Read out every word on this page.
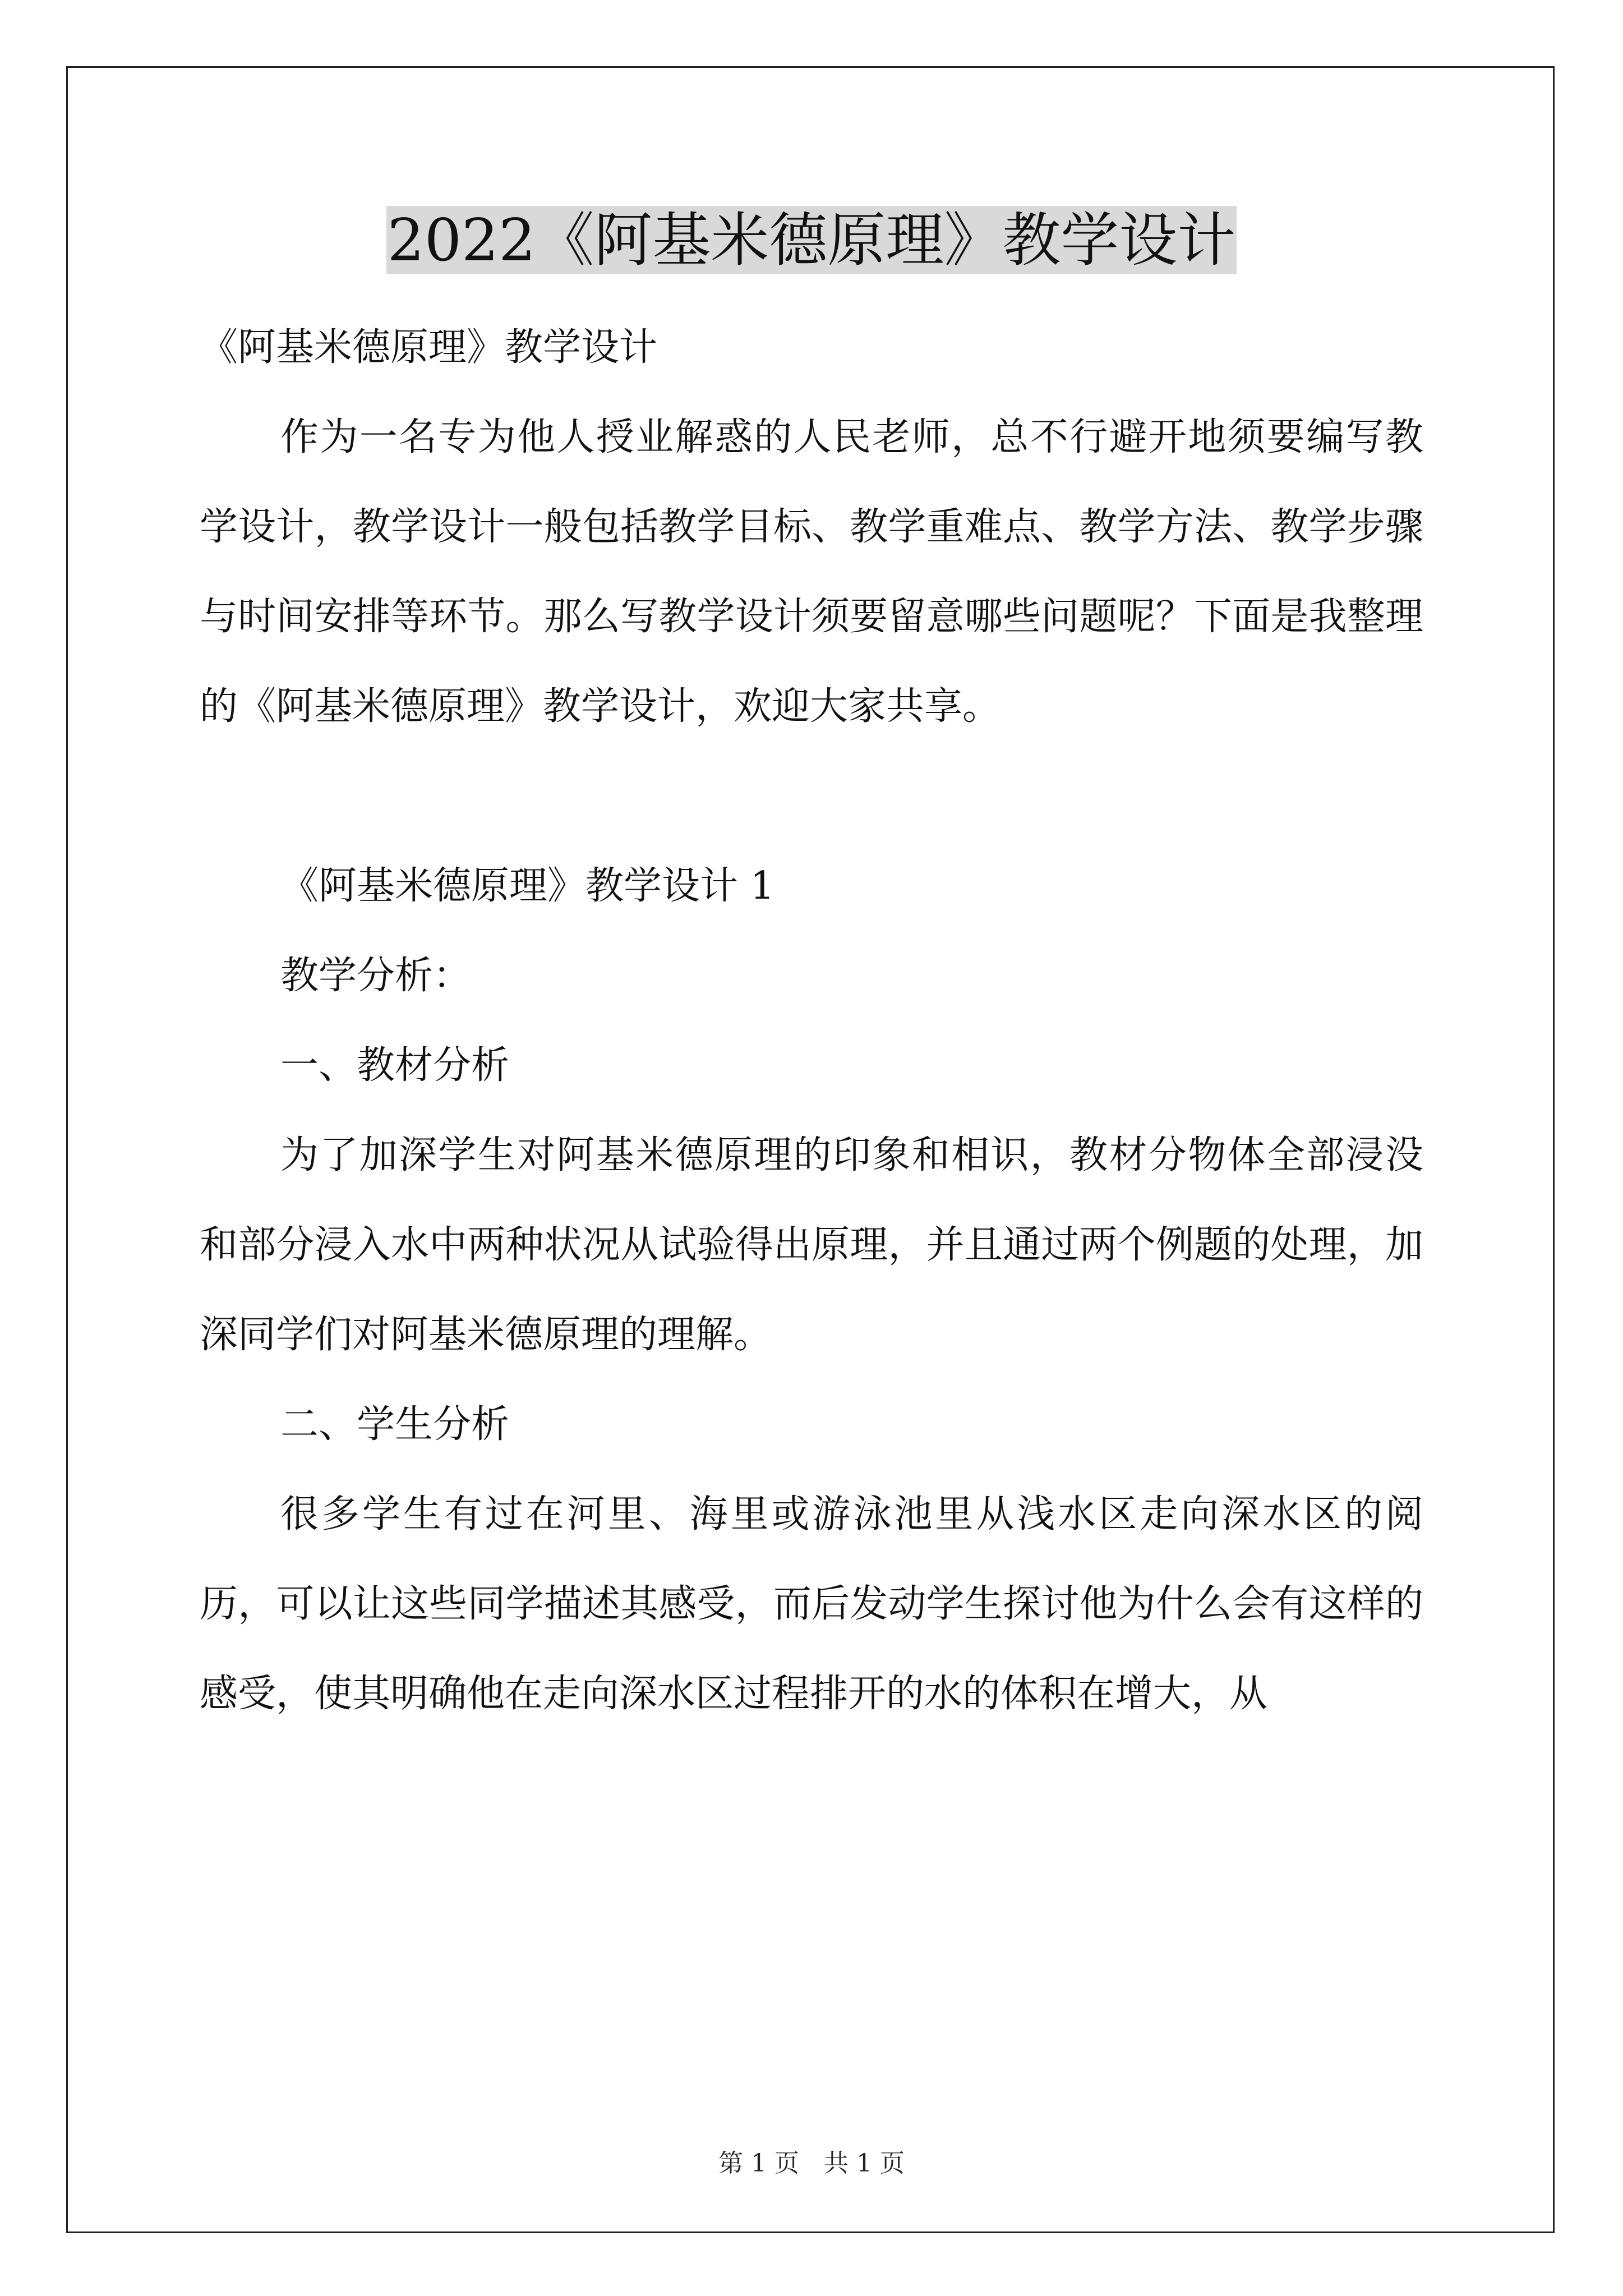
2022《阿基米德原理》教学设计

《阿基米德原理》教学设计

作为一名专为他人授业解惑的人民老师，总不行避开地须要编写教学设计，教学设计一般包括教学目标、教学重难点、教学方法、教学步骤与时间安排等环节。那么写教学设计须要留意哪些问题呢？下面是我整理的《阿基米德原理》教学设计，欢迎大家共享。

《阿基米德原理》教学设计 1

教学分析：

一、教材分析

为了加深学生对阿基米德原理的印象和相识，教材分物体全部浸没和部分浸入水中两种状况从试验得出原理，并且通过两个例题的处理，加深同学们对阿基米德原理的理解。

二、学生分析

很多学生有过在河里、海里或游泳池里从浅水区走向深水区的阅历，可以让这些同学描述其感受，而后发动学生探讨他为什么会有这样的感受，使其明确他在走向深水区过程排开的水的体积在增大，从

第 1 页　共 1 页
